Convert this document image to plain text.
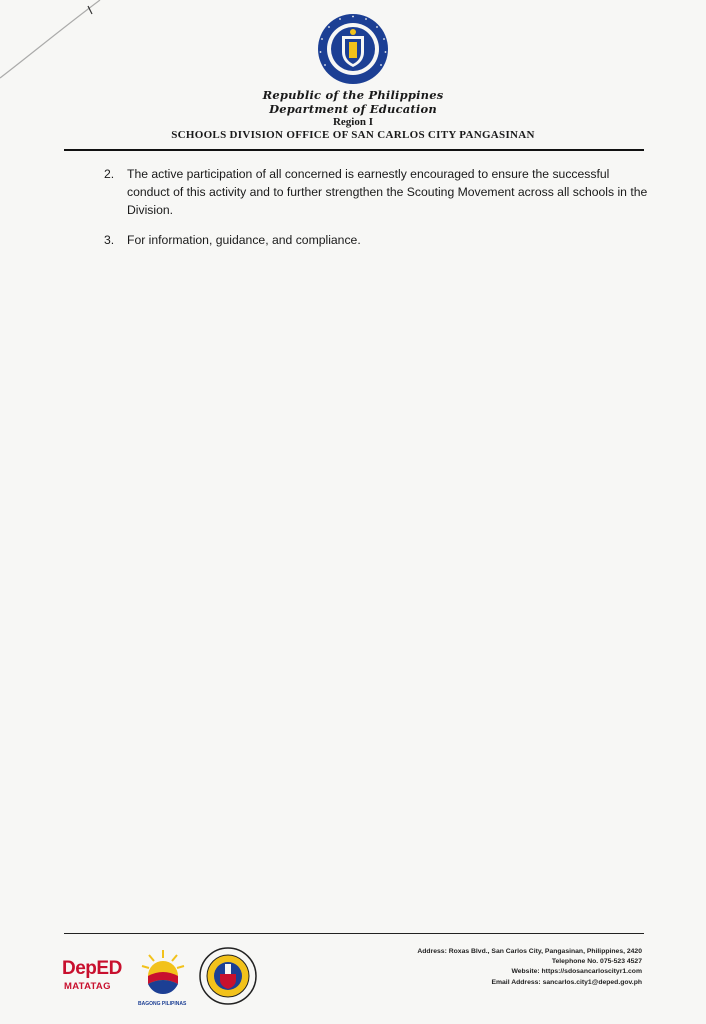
Republic of the Philippines
Department of Education
Region I
SCHOOLS DIVISION OFFICE OF SAN CARLOS CITY PANGASINAN
2. The active participation of all concerned is earnestly encouraged to ensure the successful conduct of this activity and to further strengthen the Scouting Movement across all schools in the Division.
3. For information, guidance, and compliance.
DepED
MATATAG
BAGONG PILIPINAS
Address: Roxas Blvd., San Carlos City, Pangasinan, Philippines, 2420
Telephone No. 075-523 4527
Website: https://sdosancarloscityr1.com
Email Address: sancarlos.city1@deped.gov.ph
